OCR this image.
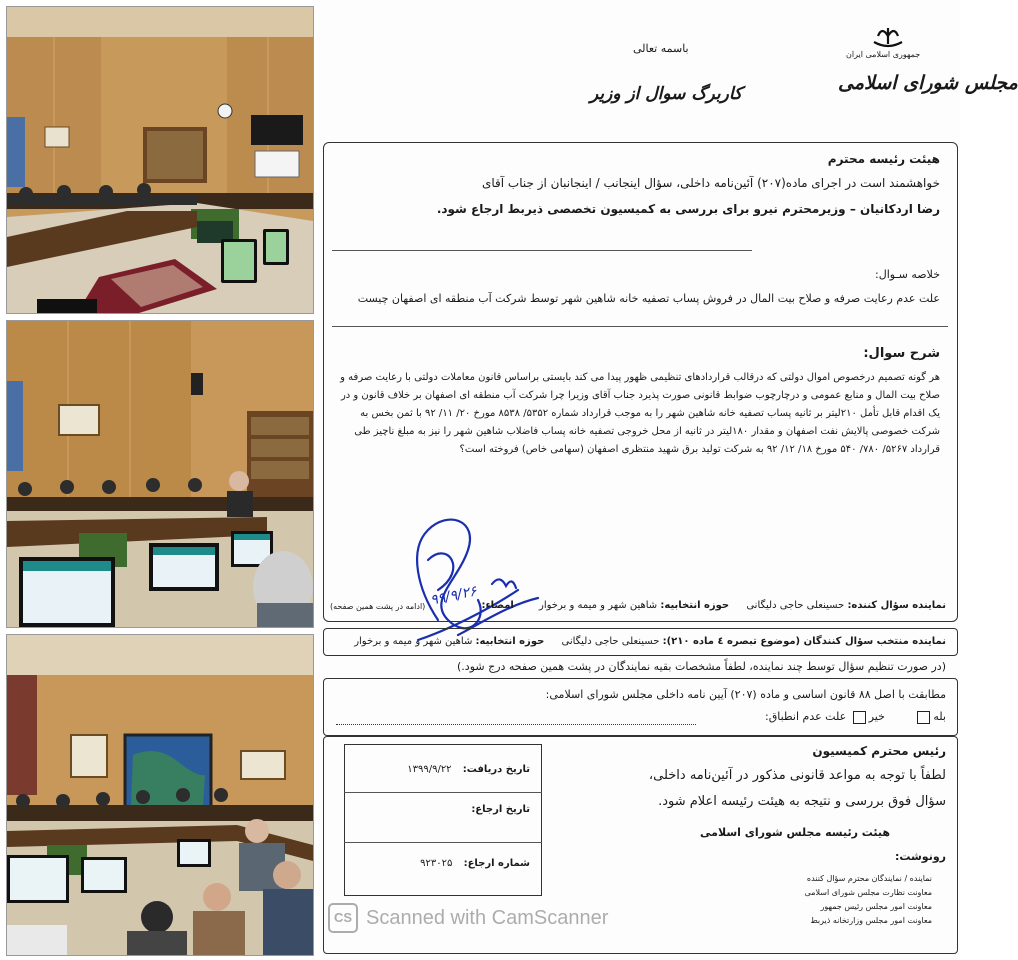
جمهوری اسلامی ایران
مجلس شورای اسلامی
باسمه تعالی
کاربرگ سوال از وزیر
هیئت رئیسه محترم
خواهشمند است در اجرای ماده(۲۰۷) آئین‌نامه داخلی، سؤال اینجانب / اینجانبان از جناب آقای
رضا اردکانیان – وزیرمحترم نیرو برای بررسی به کمیسیون تخصصی ذیربط ارجاع شود.
خلاصه سـوال:
علت عدم رعایت صرفه و صلاح بیت المال در فروش پساب تصفیه خانه شاهین شهر توسط شرکت آب منطقه ای اصفهان چیست
شرح سوال:
هر گونه تصمیم درخصوص اموال دولتی که درقالب قراردادهای تنظیمی ظهور پیدا می کند بایستی براساس قانون معاملات دولتی با رعایت صرفه و
صلاح بیت المال و منابع عمومی و درچارچوب ضوابط قانونی صورت پذیرد جناب آقای وزیرا چرا شرکت آب منطقه ای اصفهان بر خلاف قانون و در
یک اقدام قابل تأمل ۲۱۰لیتر بر ثانیه پساب تصفیه خانه شاهین شهر را به موجب قرارداد شماره ۵۳۵۲/ ۸۵۳۸ مورخ ۲۰/ ۱۱/ ۹۲ با ثمن بخس به
شرکت خصوصی پالایش نفت اصفهان و مقدار ۱۸۰لیتر در ثانیه از محل خروجی تصفیه خانه پساب فاضلاب شاهین شهر را نیز به مبلغ ناچیز طی
قرارداد ۵۲۶۷/ ۷۸۰/ ۵۴۰ مورخ ۱۸/ ۱۲/ ۹۲ به شرکت تولید برق شهید منتظری اصفهان (سهامی خاص) فروخته است؟
۹۹/۹/۲۶	نماینده سؤال کننده: حسینعلی حاجی دلیگانی حوزه انتخابیه: شاهین شهر و میمه و برخوار امضاء:
(ادامه در پشت همین صفحه)
نماینده منتخب سؤال کنندگان (موضوع تبصره ٤ ماده ٢١٠): حسینعلی حاجی دلیگانی حوزه انتخابیه: شاهین شهر و میمه و برخوار
(در صورت تنظیم سؤال توسط چند نماینده، لطفاً مشخصات بقیه نمایندگان در پشت همین صفحه درج شود.)
مطابقت با اصل ۸۸ قانون اساسی و ماده (۲۰۷) آیین نامه داخلی مجلس شورای اسلامی:
بله خیر علت عدم انطباق:
رئیس محترم کمیسیون
لطفاً با توجه به مواعد قانونی مذکور در آئین‌نامه داخلی،
سؤال فوق بررسی و نتیجه به هیئت رئیسه اعلام شود.
هیئت رئیسه مجلس شورای اسلامی
تاریخ دریافت: ۱۳۹۹/۹/۲۲
تاریخ ارجاع:
شماره ارجاع: ۹۲۳۰۲۵
رونوشت:
نماینده / نمایندگان محترم سؤال کننده
معاونت نظارت مجلس شورای اسلامی
معاونت امور مجلس رئیس جمهور
معاونت امور مجلس وزارتخانه ذیربط
CS Scanned with CamScanner
